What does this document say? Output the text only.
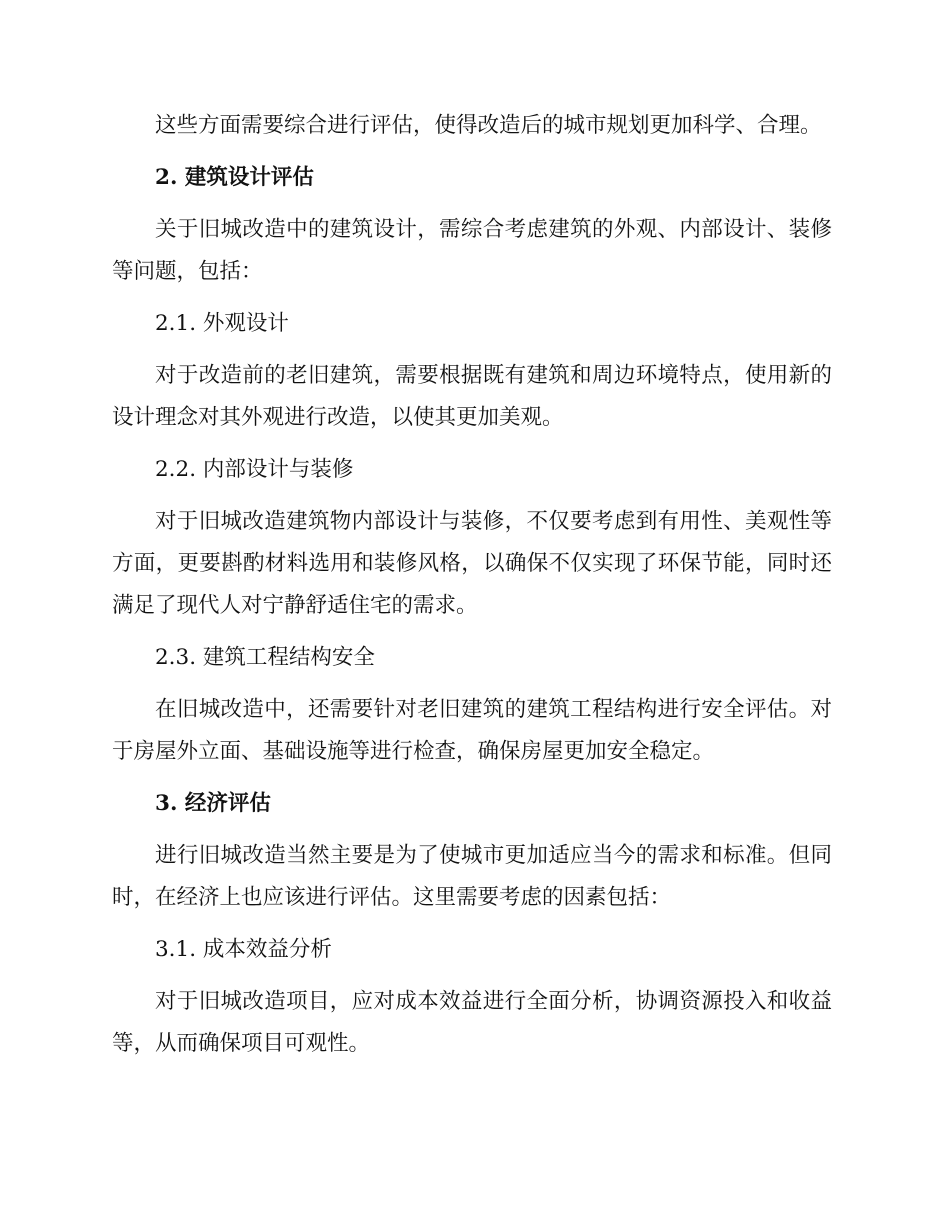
这些方面需要综合进行评估，使得改造后的城市规划更加科学、合理。

2. 建筑设计评估

关于旧城改造中的建筑设计，需综合考虑建筑的外观、内部设计、装修等问题，包括：

2.1. 外观设计

对于改造前的老旧建筑，需要根据既有建筑和周边环境特点，使用新的设计理念对其外观进行改造，以使其更加美观。

2.2. 内部设计与装修

对于旧城改造建筑物内部设计与装修，不仅要考虑到有用性、美观性等方面，更要斟酌材料选用和装修风格，以确保不仅实现了环保节能，同时还满足了现代人对宁静舒适住宅的需求。

2.3. 建筑工程结构安全

在旧城改造中，还需要针对老旧建筑的建筑工程结构进行安全评估。对于房屋外立面、基础设施等进行检查，确保房屋更加安全稳定。

3. 经济评估

进行旧城改造当然主要是为了使城市更加适应当今的需求和标准。但同时，在经济上也应该进行评估。这里需要考虑的因素包括：

3.1. 成本效益分析

对于旧城改造项目，应对成本效益进行全面分析，协调资源投入和收益等，从而确保项目可观性。
